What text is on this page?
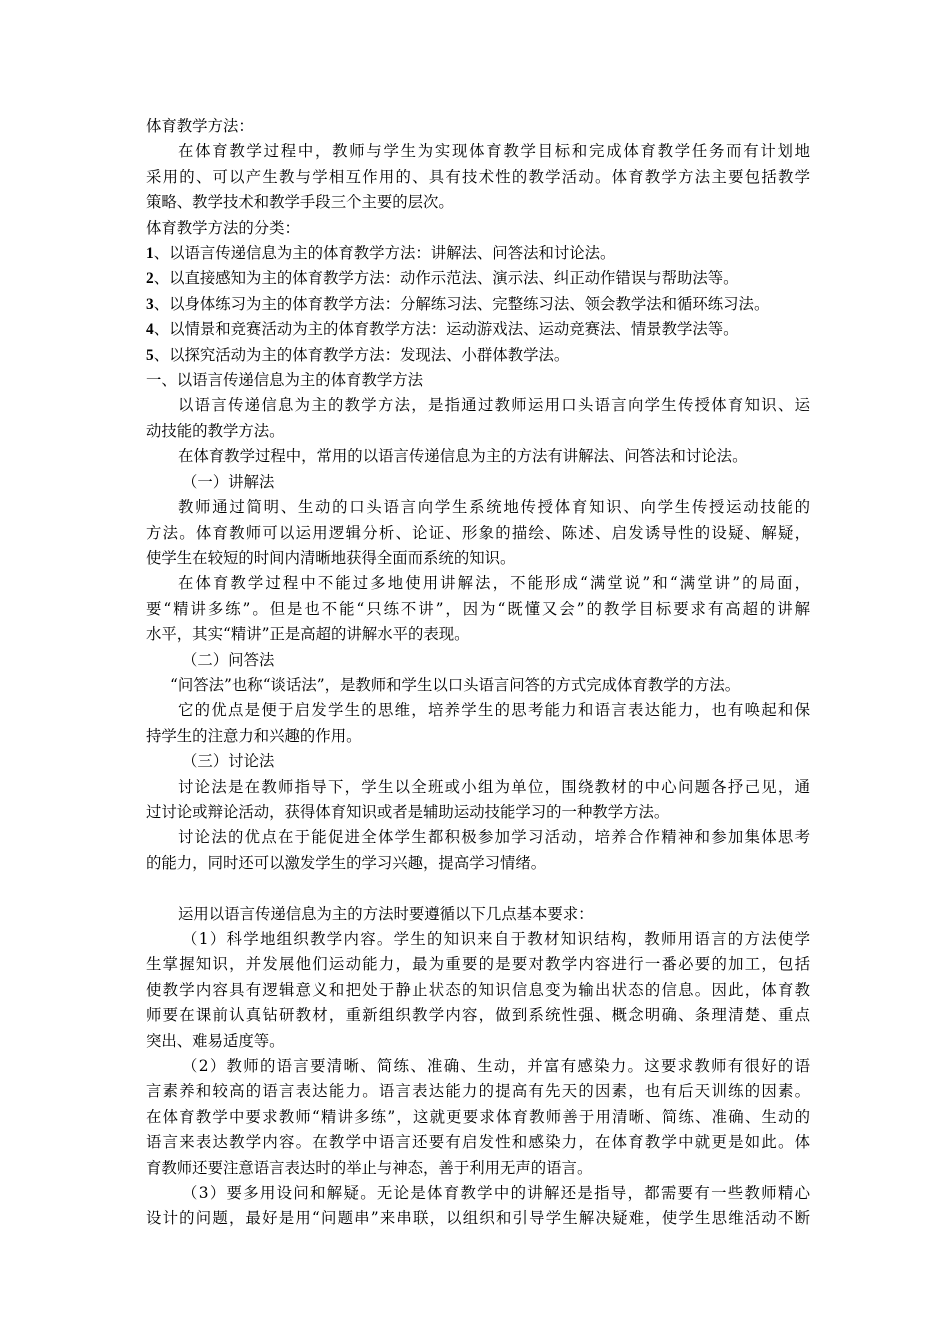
体育教学方法：
在体育教学过程中，教师与学生为实现体育教学目标和完成体育教学任务而有计划地
采用的、可以产生教与学相互作用的、具有技术性的教学活动。体育教学方法主要包括教学
策略、教学技术和教学手段三个主要的层次。
体育教学方法的分类：
1、以语言传递信息为主的体育教学方法：讲解法、问答法和讨论法。
2、以直接感知为主的体育教学方法：动作示范法、演示法、纠正动作错误与帮助法等。
3、以身体练习为主的体育教学方法：分解练习法、完整练习法、领会教学法和循环练习法。
4、以情景和竞赛活动为主的体育教学方法：运动游戏法、运动竞赛法、情景教学法等。
5、以探究活动为主的体育教学方法：发现法、小群体教学法。
一、以语言传递信息为主的体育教学方法
以语言传递信息为主的教学方法，是指通过教师运用口头语言向学生传授体育知识、运
动技能的教学方法。
在体育教学过程中，常用的以语言传递信息为主的方法有讲解法、问答法和讨论法。
（一）讲解法
教师通过简明、生动的口头语言向学生系统地传授体育知识、向学生传授运动技能的
方法。体育教师可以运用逻辑分析、论证、形象的描绘、陈述、启发诱导性的设疑、解疑，
使学生在较短的时间内清晰地获得全面而系统的知识。
在体育教学过程中不能过多地使用讲解法，不能形成“满堂说”和“满堂讲”的局面，
要“精讲多练”。但是也不能“只练不讲”，因为“既懂又会”的教学目标要求有高超的讲解
水平，其实“精讲”正是高超的讲解水平的表现。
（二）问答法
“问答法”也称“谈话法”，是教师和学生以口头语言问答的方式完成体育教学的方法。
它的优点是便于启发学生的思维，培养学生的思考能力和语言表达能力，也有唤起和保
持学生的注意力和兴趣的作用。
（三）讨论法
讨论法是在教师指导下，学生以全班或小组为单位，围绕教材的中心问题各抒己见，通
过讨论或辩论活动，获得体育知识或者是辅助运动技能学习的一种教学方法。
讨论法的优点在于能促进全体学生都积极参加学习活动，培养合作精神和参加集体思考
的能力，同时还可以激发学生的学习兴趣，提高学习情绪。
运用以语言传递信息为主的方法时要遵循以下几点基本要求：
（1）科学地组织教学内容。学生的知识来自于教材知识结构，教师用语言的方法使学
生掌握知识，并发展他们运动能力，最为重要的是要对教学内容进行一番必要的加工，包括
使教学内容具有逻辑意义和把处于静止状态的知识信息变为输出状态的信息。因此，体育教
师要在课前认真钻研教材，重新组织教学内容，做到系统性强、概念明确、条理清楚、重点
突出、难易适度等。
（2）教师的语言要清晰、简练、准确、生动，并富有感染力。这要求教师有很好的语
言素养和较高的语言表达能力。语言表达能力的提高有先天的因素，也有后天训练的因素。
在体育教学中要求教师“精讲多练”，这就更要求体育教师善于用清晰、简练、准确、生动的
语言来表达教学内容。在教学中语言还要有启发性和感染力，在体育教学中就更是如此。体
育教师还要注意语言表达时的举止与神态，善于利用无声的语言。
（3）要多用设问和解疑。无论是体育教学中的讲解还是指导，都需要有一些教师精心
设计的问题，最好是用“问题串”来串联，以组织和引导学生解决疑难，使学生思维活动不断
